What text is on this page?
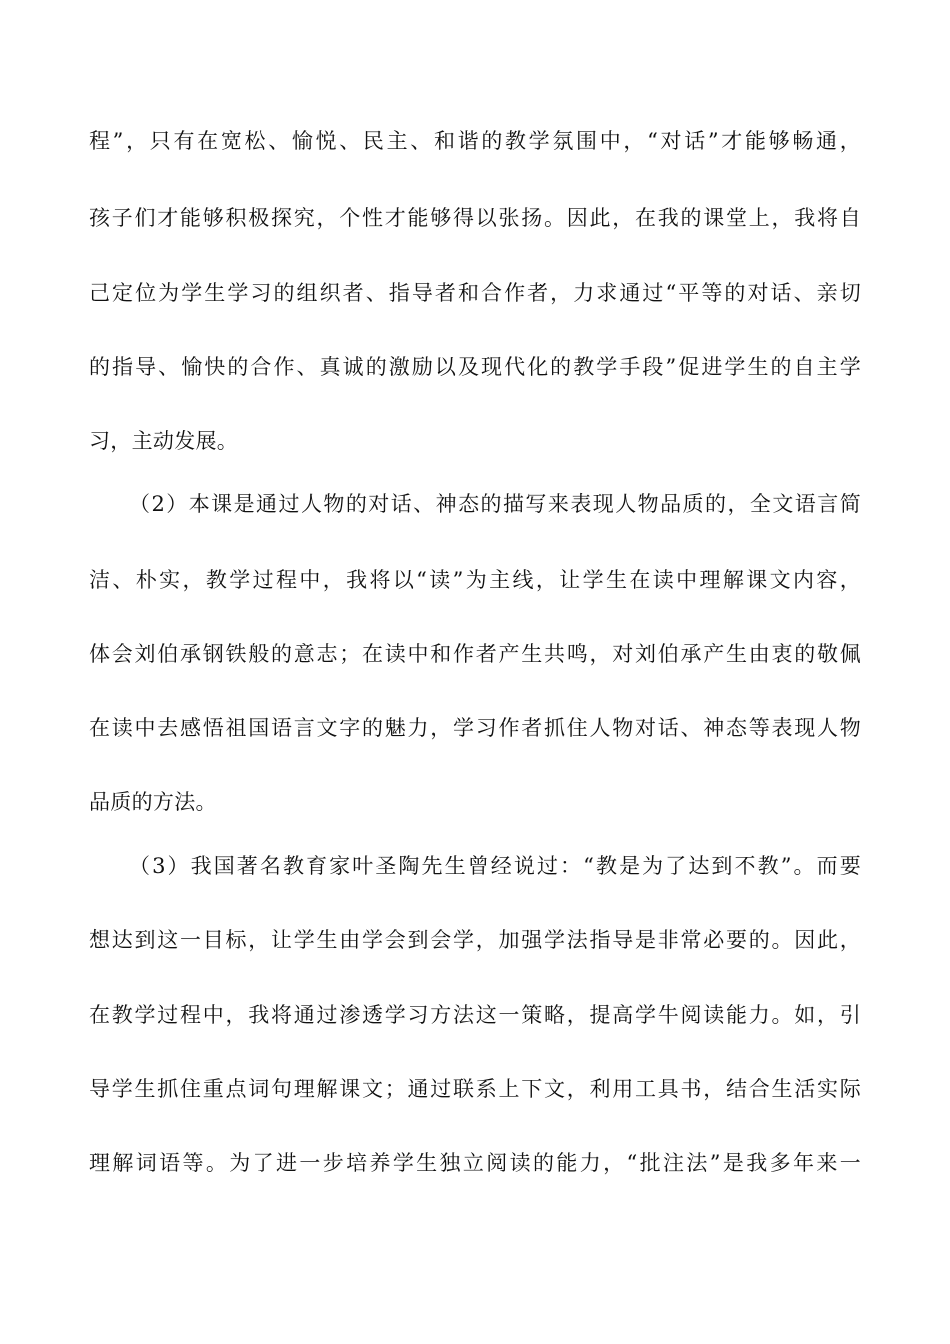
程”，只有在宽松、愉悦、民主、和谐的教学氛围中，“对话”才能够畅通，
孩子们才能够积极探究，个性才能够得以张扬。因此，在我的课堂上，我将自
己定位为学生学习的组织者、指导者和合作者，力求通过“平等的对话、亲切
的指导、愉快的合作、真诚的激励以及现代化的教学手段”促进学生的自主学
习，主动发展。
（2）本课是通过人物的对话、神态的描写来表现人物品质的，全文语言简
洁、朴实，教学过程中，我将以“读”为主线，让学生在读中理解课文内容，
体会刘伯承钢铁般的意志；在读中和作者产生共鸣，对刘伯承产生由衷的敬佩
在读中去感悟祖国语言文字的魅力，学习作者抓住人物对话、神态等表现人物
品质的方法。
（3）我国著名教育家叶圣陶先生曾经说过：“教是为了达到不教”。而要
想达到这一目标，让学生由学会到会学，加强学法指导是非常必要的。因此，
在教学过程中，我将通过渗透学习方法这一策略，提高学牛阅读能力。如，引
导学生抓住重点词句理解课文；通过联系上下文，利用工具书，结合生活实际
理解词语等。为了进一步培养学生独立阅读的能力，“批注法”是我多年来一
